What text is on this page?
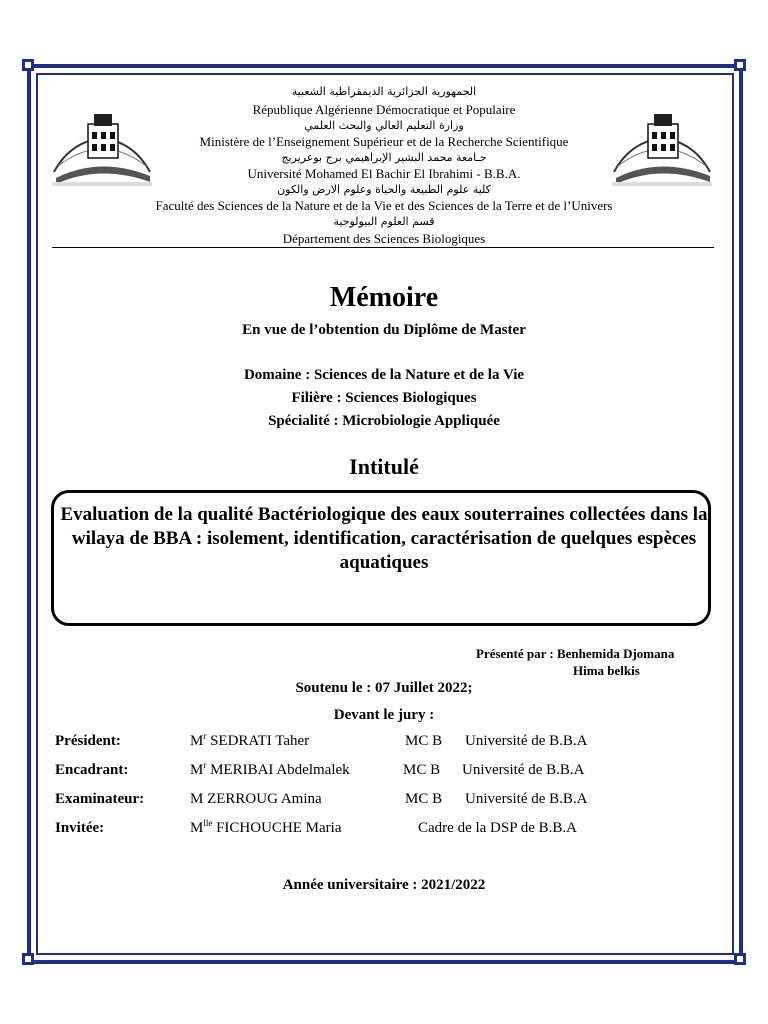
الجمهورية الجزائرية الديمقراطية الشعبية
République Algérienne Démocratique et Populaire
وزارة التعليم العالي والبحث العلمي
Ministère de l’Enseignement Supérieur et de la Recherche Scientifique
جـامعة محمد البشير الإبراهيمي برج بوعريريج
Université Mohamed El Bachir El Ibrahimi - B.B.A.
كلية علوم الطبيعة والحياة وعلوم الارض والكون
Faculté des Sciences de la Nature et de la Vie et des Sciences de la Terre et de l’Univers
قسم العلوم البيولوجية
Département des Sciences Biologiques
Mémoire
En vue de l’obtention du Diplôme de Master
Domaine : Sciences de la Nature et de la Vie
Filière : Sciences Biologiques
Spécialité : Microbiologie Appliquée
Intitulé
Evaluation de la qualité Bactériologique des eaux souterraines collectées dans la wilaya de BBA : isolement, identification, caractérisation de quelques espèces aquatiques
Présenté par : Benhemida Djomana
Hima belkis
Soutenu le : 07 Juillet 2022;
Devant le jury :
Président:	$M^r$ SEDRATI Taher	MC B Université de B.B.A
Encadrant:	$M^r$ MERIBAI Abdelmalek	MC B Université de B.B.A
Examinateur:	M ZERROUG Amina	MC B Université de B.B.A
Invitée:	$M^{lle}$ FICHOUCHE Maria	Cadre de la DSP de B.B.A
Année universitaire : 2021/2022
